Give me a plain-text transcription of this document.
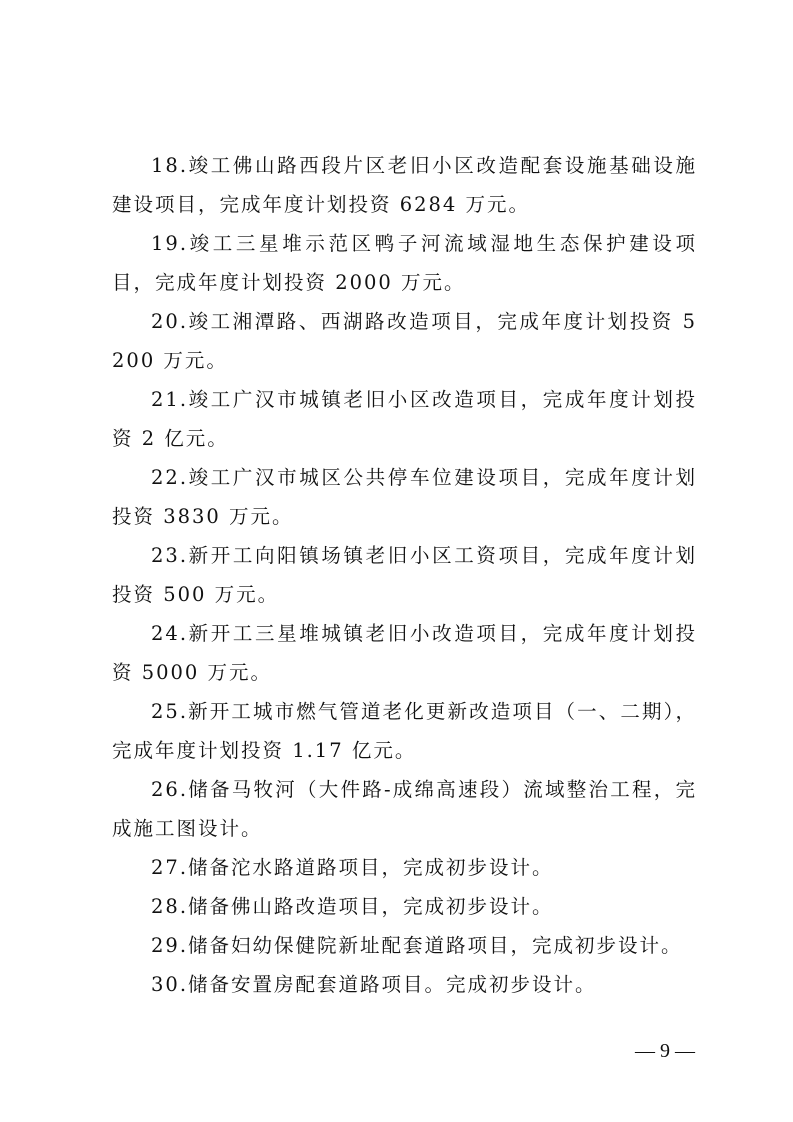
18.竣工佛山路西段片区老旧小区改造配套设施基础设施建设项目，完成年度计划投资 6284 万元。

19.竣工三星堆示范区鸭子河流域湿地生态保护建设项目，完成年度计划投资 2000 万元。

20.竣工湘潭路、西湖路改造项目，完成年度计划投资 5200 万元。

21.竣工广汉市城镇老旧小区改造项目，完成年度计划投资 2 亿元。

22.竣工广汉市城区公共停车位建设项目，完成年度计划投资 3830 万元。

23.新开工向阳镇场镇老旧小区工资项目，完成年度计划投资 500 万元。

24.新开工三星堆城镇老旧小改造项目，完成年度计划投资 5000 万元。

25.新开工城市燃气管道老化更新改造项目（一、二期），完成年度计划投资 1.17 亿元。

26.储备马牧河（大件路-成绵高速段）流域整治工程，完成施工图设计。

27.储备沱水路道路项目，完成初步设计。

28.储备佛山路改造项目，完成初步设计。

29.储备妇幼保健院新址配套道路项目，完成初步设计。

30.储备安置房配套道路项目。完成初步设计。

— 9 —
